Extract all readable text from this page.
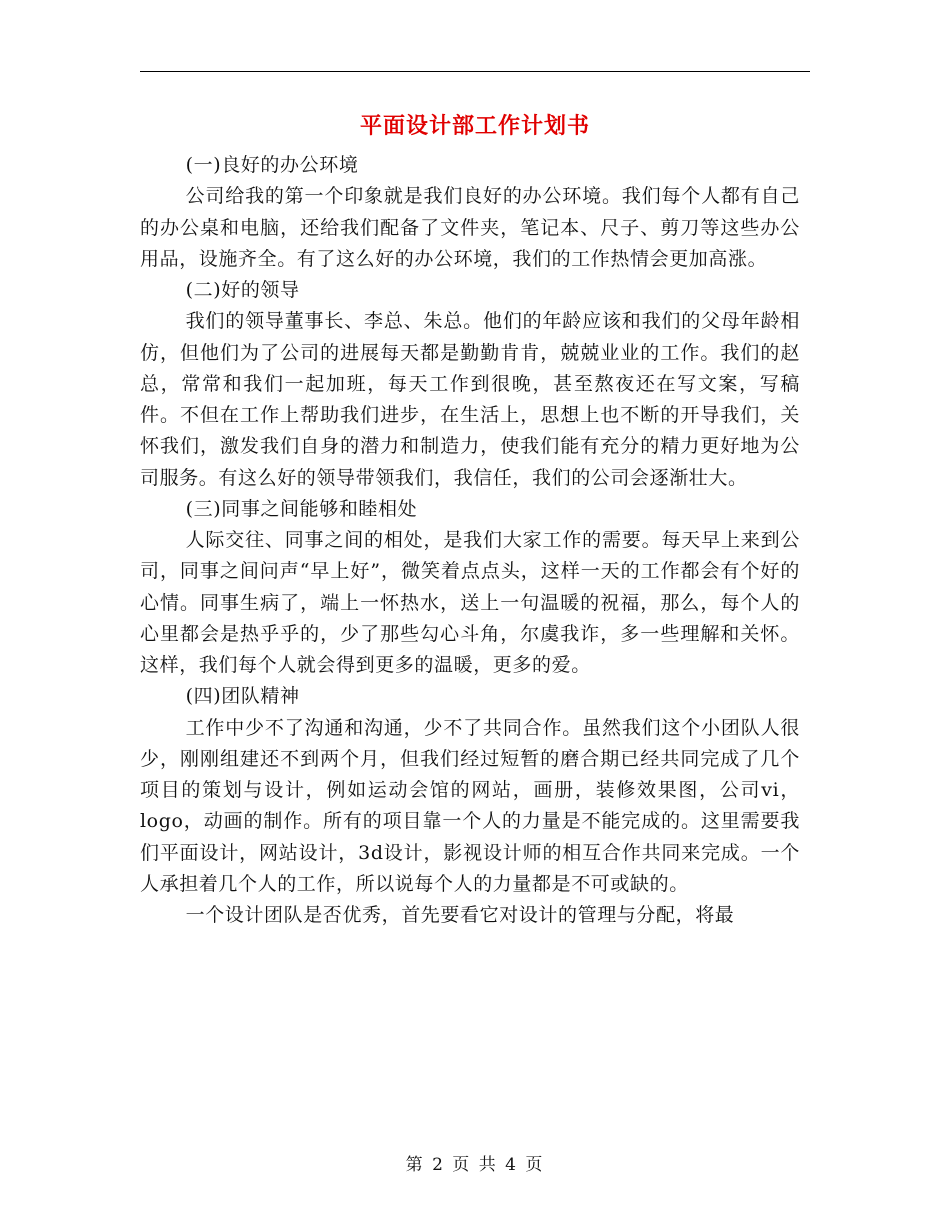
平面设计部工作计划书

(一)良好的办公环境

公司给我的第一个印象就是我们良好的办公环境。我们每个人都有自己的办公桌和电脑，还给我们配备了文件夹，笔记本、尺子、剪刀等这些办公用品，设施齐全。有了这么好的办公环境，我们的工作热情会更加高涨。

(二)好的领导

我们的领导董事长、李总、朱总。他们的年龄应该和我们的父母年龄相仿，但他们为了公司的进展每天都是勤勤肯肯，兢兢业业的工作。我们的赵总，常常和我们一起加班，每天工作到很晚，甚至熬夜还在写文案，写稿件。不但在工作上帮助我们进步，在生活上，思想上也不断的开导我们，关怀我们，激发我们自身的潜力和制造力，使我们能有充分的精力更好地为公司服务。有这么好的领导带领我们，我信任，我们的公司会逐渐壮大。

(三)同事之间能够和睦相处

人际交往、同事之间的相处，是我们大家工作的需要。每天早上来到公司，同事之间问声“早上好”，微笑着点点头，这样一天的工作都会有个好的心情。同事生病了，端上一怀热水，送上一句温暖的祝福，那么，每个人的心里都会是热乎乎的，少了那些勾心斗角，尔虞我诈，多一些理解和关怀。这样，我们每个人就会得到更多的温暖，更多的爱。

(四)团队精神

工作中少不了沟通和沟通，少不了共同合作。虽然我们这个小团队人很少，刚刚组建还不到两个月，但我们经过短暂的磨合期已经共同完成了几个项目的策划与设计，例如运动会馆的网站，画册，装修效果图，公司vi，logo，动画的制作。所有的项目靠一个人的力量是不能完成的。这里需要我们平面设计，网站设计，3d设计，影视设计师的相互合作共同来完成。一个人承担着几个人的工作，所以说每个人的力量都是不可或缺的。

一个设计团队是否优秀，首先要看它对设计的管理与分配，将最

第 2 页 共 4 页
